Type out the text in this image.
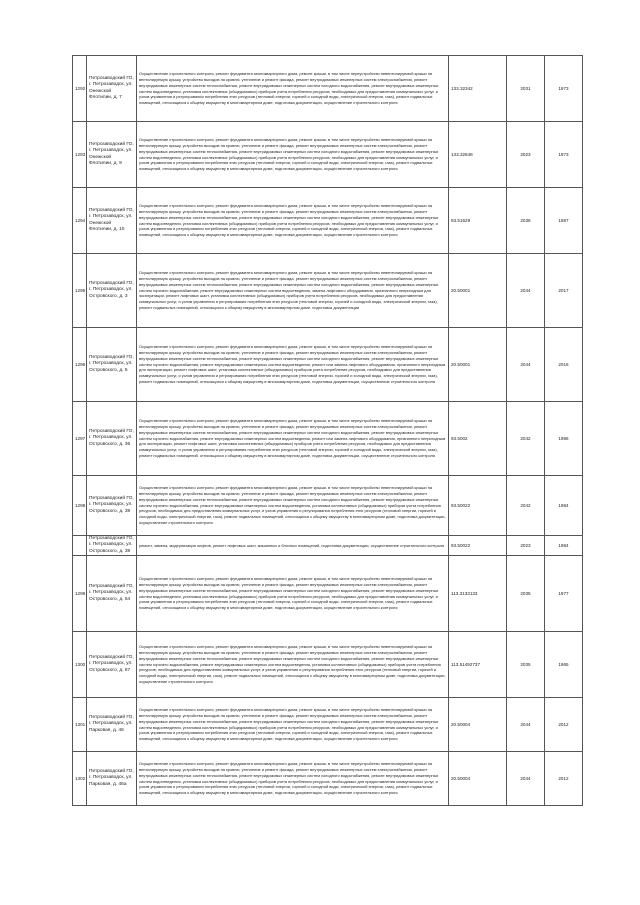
1292	Петрозаводский ГО, г. Петрозаводск, ул. Онежской Флотилии, д. 7	Осуществление строительного контроля, ремонт фундамента многоквартирного дома, ремонт крыши, в том числе переустройство невентилируемой крыши на вентилируемую крышу, устройство выходов на кровлю, утепление и ремонт фасада, ремонт внутридомовых инженерных систем электроснабжения, ремонт внутридомовых инженерных систем теплоснабжения, ремонт внутридомовых инженерных систем холодного водоснабжения, ремонт внутридомовых инженерных систем водоотведения, установка коллективных (общедомовых) приборов учета потребления ресурсов, необходимых для предоставления коммунальных услуг, и узлов управления и регулирования потребления этих ресурсов (тепловой энергии, горячей и холодной воды, электрической энергии, газа), ремонт подвальных помещений, относящихся к общему имуществу в многоквартирном доме, подготовка документации, осуществление строительного контроля	133.32342	2031	1973
1293	Петрозаводский ГО, г. Петрозаводск, ул. Онежской Флотилии, д. 9	Осуществление строительного контроля, ремонт фундамента многоквартирного дома, ремонт крыши, в том числе переустройство невентилируемой крыши на вентилируемую крышу, устройство выходов на кровлю, утепление и ремонт фасада, ремонт внутридомовых инженерных систем электроснабжения, ремонт внутридомовых инженерных систем теплоснабжения, ремонт внутридомовых инженерных систем холодного водоснабжения, ремонт внутридомовых инженерных систем водоотведения, установка коллективных (общедомовых) приборов учета потребления ресурсов, необходимых для предоставления коммунальных услуг, и узлов управления и регулирования потребления этих ресурсов (тепловой энергии, горячей и холодной воды, электрической энергии, газа), ремонт подвальных помещений, относящихся к общему имуществу в многоквартирном доме, подготовка документации, осуществление строительного контроля	133.32848	2023	1973
1294	Петрозаводский ГО, г. Петрозаводск, ул. Онежской Флотилии, д. 10	Осуществление строительного контроля, ремонт фундамента многоквартирного дома, ремонт крыши, в том числе переустройство невентилируемой крыши на вентилируемую крышу, устройство выходов на кровлю, утепление и ремонт фасада, ремонт внутридомовых инженерных систем электроснабжения, ремонт внутридомовых инженерных систем теплоснабжения, ремонт внутридомовых инженерных систем холодного водоснабжения, ремонт внутридомовых инженерных систем водоотведения, установка коллективных (общедомовых) приборов учета потребления ресурсов, необходимых для предоставления коммунальных услуг, и узлов управления и регулирования потребления этих ресурсов (тепловой энергии, горячей и холодной воды, электрической энергии, газа), ремонт подвальных помещений, относящихся к общему имуществу в многоквартирном доме, подготовка документации, осуществление строительного контроля	93.51629	2038	1987
1295	Петрозаводский ГО, г. Петрозаводск, ул. Островского, д. 3	Осуществление строительного контроля, ремонт фундамента многоквартирного дома, ремонт крыши, в том числе переустройство невентилируемой крыши на вентилируемую крышу, устройство выходов на кровлю, утепление и ремонт фасада, ремонт внутридомовых инженерных систем электроснабжения, ремонт внутридомовых инженерных систем теплоснабжения, ремонт внутридомовых инженерных систем холодного водоснабжения, ремонт внутридомовых инженерных систем горячего водоснабжения, ремонт внутридомовых инженерных систем водоотведения, замена лифтового оборудования, признанного непригодным для эксплуатации, ремонт лифтовых шахт, установка коллективных (общедомовых) приборов учета потребления ресурсов, необходимых для предоставления коммунальных услуг, и узлов управления и регулирования потребления этих ресурсов (тепловой энергии, горячей и холодной воды, электрической энергии, газа), ремонт подвальных помещений, относящихся к общему имуществу в многоквартирном доме, подготовка документации	20.50001	2044	2017
1296	Петрозаводский ГО, г. Петрозаводск, ул. Островского, д. 5	Осуществление строительного контроля, ремонт фундамента многоквартирного дома, ремонт крыши, в том числе переустройство невентилируемой крыши на вентилируемую крышу, устройство выходов на кровлю, утепление и ремонт фасада, ремонт внутридомовых инженерных систем электроснабжения, ремонт внутридомовых инженерных систем теплоснабжения, ремонт внутридомовых инженерных систем холодного водоснабжения, ремонт внутридомовых инженерных систем горячего водоснабжения, ремонт внутридомовых инженерных систем водоотведения, ремонт или замена лифтового оборудования, признанного непригодным для эксплуатации, ремонт лифтовых шахт, установка коллективных (общедомовых) приборов учета потребления ресурсов, необходимых для предоставления коммунальных услуг, и узлов управления и регулирования потребления этих ресурсов (тепловой энергии, горячей и холодной воды, электрической энергии, газа), ремонт подвальных помещений, относящихся к общему имуществу в многоквартирном доме, подготовка документации, осуществление строительного контроля	20.50001	2044	2016
1297	Петрозаводский ГО, г. Петрозаводск, ул. Островского, д. 36	Осуществление строительного контроля, ремонт фундамента многоквартирного дома, ремонт крыши, в том числе переустройство невентилируемой крыши на вентилируемую крышу, устройство выходов на кровлю, утепление и ремонт фасада, ремонт внутридомовых инженерных систем электроснабжения, ремонт внутридомовых инженерных систем теплоснабжения, ремонт внутридомовых инженерных систем холодного водоснабжения, ремонт внутридомовых инженерных систем горячего водоснабжения, ремонт внутридомовых инженерных систем водоотведения, ремонт или замена лифтового оборудования, признанного непригодным для эксплуатации, ремонт лифтовых шахт, установка коллективных (общедомовых) приборов учета потребления ресурсов, необходимых для предоставления коммунальных услуг, и узлов управления и регулирования потребления этих ресурсов (тепловой энергии, горячей и холодной воды, электрической энергии, газа), ремонт подвальных помещений, относящихся к общему имуществу в многоквартирном доме, подготовка документации, осуществление строительного контроля	93.5002	2042	1986
1298	Петрозаводский ГО, г. Петрозаводск, ул. Островского, д. 38	Осуществление строительного контроля, ремонт фундамента многоквартирного дома, ремонт крыши, в том числе переустройство невентилируемой крыши на вентилируемую крышу, устройство выходов на кровлю, утепление и ремонт фасада, ремонт внутридомовых инженерных систем электроснабжения, ремонт внутридомовых инженерных систем теплоснабжения, ремонт внутридомовых инженерных систем холодного водоснабжения, ремонт внутридомовых инженерных систем горячего водоснабжения, ремонт внутридомовых инженерных систем водоотведения, установка коллективных (общедомовых) приборов учета потребления ресурсов, необходимых для предоставления коммунальных услуг, и узлов управления и регулирования потребления этих ресурсов (тепловой энергии, горячей и холодной воды, электрической энергии, газа), ремонт подвальных помещений, относящихся к общему имуществу в многоквартирном доме, подготовка документации, осуществление строительного контроля	93.50022	2042	1984
	Петрозаводский ГО, г. Петрозаводск, ул. Островского, д. 38	ремонт, замена, модернизация лифтов, ремонт лифтовых шахт, машинных и блочных помещений, подготовка документации, осуществление строительного контроля	93.50022	2023	1984
1299	Петрозаводский ГО, г. Петрозаводск, ул. Островского, д. 54	Осуществление строительного контроля, ремонт фундамента многоквартирного дома, ремонт крыши, в том числе переустройство невентилируемой крыши на вентилируемую крышу, устройство выходов на кровлю, утепление и ремонт фасада, ремонт внутридомовых инженерных систем электроснабжения, ремонт внутридомовых инженерных систем теплоснабжения, ремонт внутридомовых инженерных систем холодного водоснабжения, ремонт внутридомовых инженерных систем водоотведения, установка коллективных (общедомовых) приборов учета потребления ресурсов, необходимых для предоставления коммунальных услуг, и узлов управления и регулирования потребления этих ресурсов (тепловой энергии, горячей и холодной воды, электрической энергии, газа), ремонт подвальных помещений, относящихся к общему имуществу в многоквартирном доме, подготовка документации, осуществление строительного контроля	113.3133133	2035	1977
1300	Петрозаводский ГО, г. Петрозаводск, ул. Островского, д. 67	Осуществление строительного контроля, ремонт фундамента многоквартирного дома, ремонт крыши, в том числе переустройство невентилируемой крыши на вентилируемую крышу, устройство выходов на кровлю, утепление и ремонт фасада, ремонт внутридомовых инженерных систем электроснабжения, ремонт внутридомовых инженерных систем теплоснабжения, ремонт внутридомовых инженерных систем холодного водоснабжения, ремонт внутридомовых инженерных систем горячего водоснабжения, ремонт внутридомовых инженерных систем водоотведения, установка коллективных (общедомовых) приборов учета потребления ресурсов, необходимых для предоставления коммунальных услуг, и узлов управления и регулирования потребления этих ресурсов (тепловой энергии, горячей и холодной воды, электрической энергии, газа), ремонт подвальных помещений, относящихся к общему имуществу в многоквартирном доме, подготовка документации, осуществление строительного контроля	113.51492737	2035	1965
1301	Петрозаводский ГО, г. Петрозаводск, ул. Парковая, д. 46	Осуществление строительного контроля, ремонт фундамента многоквартирного дома, ремонт крыши, в том числе переустройство невентилируемой крыши на вентилируемую крышу, устройство выходов на кровлю, утепление и ремонт фасада, ремонт внутридомовых инженерных систем электроснабжения, ремонт внутридомовых инженерных систем теплоснабжения, ремонт внутридомовых инженерных систем холодного водоснабжения, ремонт внутридомовых инженерных систем водоотведения, установка коллективных (общедомовых) приборов учета потребления ресурсов, необходимых для предоставления коммунальных услуг, и узлов управления и регулирования потребления этих ресурсов (тепловой энергии, горячей и холодной воды, электрической энергии, газа), ремонт подвальных помещений, относящихся к общему имуществу в многоквартирном доме, подготовка документации, осуществление строительного контроля	20.50004	2044	2012
1302	Петрозаводский ГО, г. Петрозаводск, ул. Парковая, д. 46а	Осуществление строительного контроля, ремонт фундамента многоквартирного дома, ремонт крыши, в том числе переустройство невентилируемой крыши на вентилируемую крышу, устройство выходов на кровлю, утепление и ремонт фасада, ремонт внутридомовых инженерных систем электроснабжения, ремонт внутридомовых инженерных систем теплоснабжения, ремонт внутридомовых инженерных систем холодного водоснабжения, ремонт внутридомовых инженерных систем водоотведения, установка коллективных (общедомовых) приборов учета потребления ресурсов, необходимых для предоставления коммунальных услуг, и узлов управления и регулирования потребления этих ресурсов (тепловой энергии, горячей и холодной воды, электрической энергии, газа), ремонт подвальных помещений, относящихся к общему имуществу в многоквартирном доме, подготовка документации, осуществление строительного контроля	20.50004	2044	2012
